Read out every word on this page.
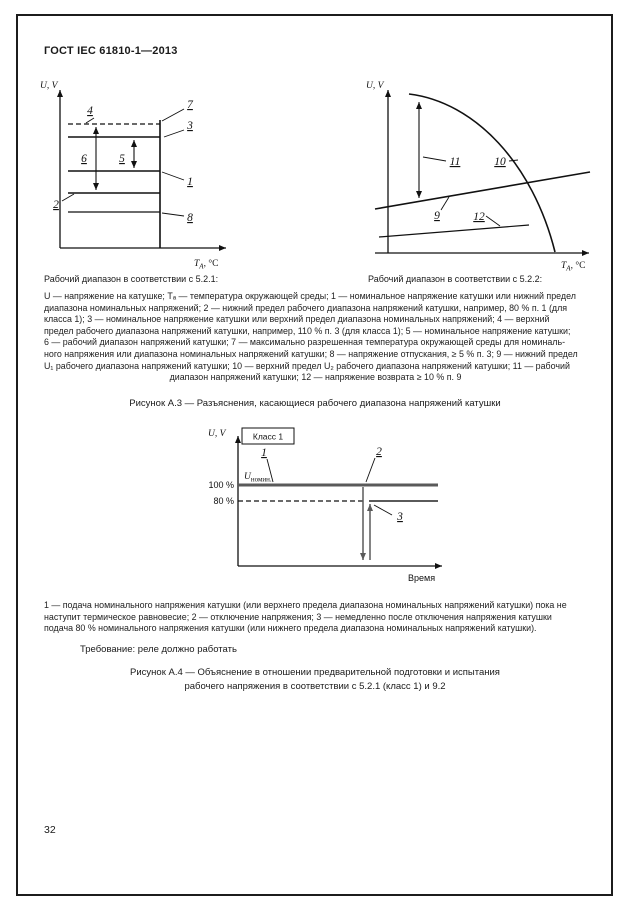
ГОСТ IEC 61810-1—2013
U, V
$T_A$, °C
4	7
3
6	5
1
2
8
U, V
$T_A$, °C
11	10
9	12
Рабочий диапазон в соответствии с 5.2.1:	Рабочий диапазон в соответствии с 5.2.2:
U — напряжение на катушке; Tₐ — температура окружающей среды; 1 — номинальное напряжение катушки или нижний предел
диапазона номинальных напряжений; 2 — нижний предел рабочего диапазона напряжений катушки, например, 80 % п. 1 (для
класса 1); 3 — номинальное напряжение катушки или верхний предел диапазона номинальных напряжений; 4 — верхний
предел рабочего диапазона напряжений катушки, например, 110 % п. 3 (для класса 1); 5 — номинальное напряжение катушки;
6 — рабочий диапазон напряжений катушки; 7 — максимально разрешенная температура окружающей среды для номиналь-
ного напряжения или диапазона номинальных напряжений катушки; 8 — напряжение отпускания, ≥ 5 % п. 3; 9 — нижний предел
U₁ рабочего диапазона напряжений катушки; 10 — верхний предел U₂ рабочего диапазона напряжений катушки; 11 — рабочий
диапазон напряжений катушки; 12 — напряжение возврата ≥ 10 % п. 9
Рисунок А.3 — Разъяснения, касающиеся рабочего диапазона напряжений катушки
U, V
Время
Класс 1
100 %
80 %
$U_{номин.}$
1	2
3
1 — подача номинального напряжения катушки (или верхнего предела диапазона номинальных напряжений катушки) пока не
наступит термическое равновесие; 2 — отключение напряжения; 3 — немедленно после отключения напряжения катушки
подача 80 % номинального напряжения катушки (или нижнего предела диапазона номинальных напряжений катушки).
Требование: реле должно работать
Рисунок А.4 — Объяснение в отношении предварительной подготовки и испытания
рабочего напряжения в соответствии с 5.2.1 (класс 1) и 9.2
32
